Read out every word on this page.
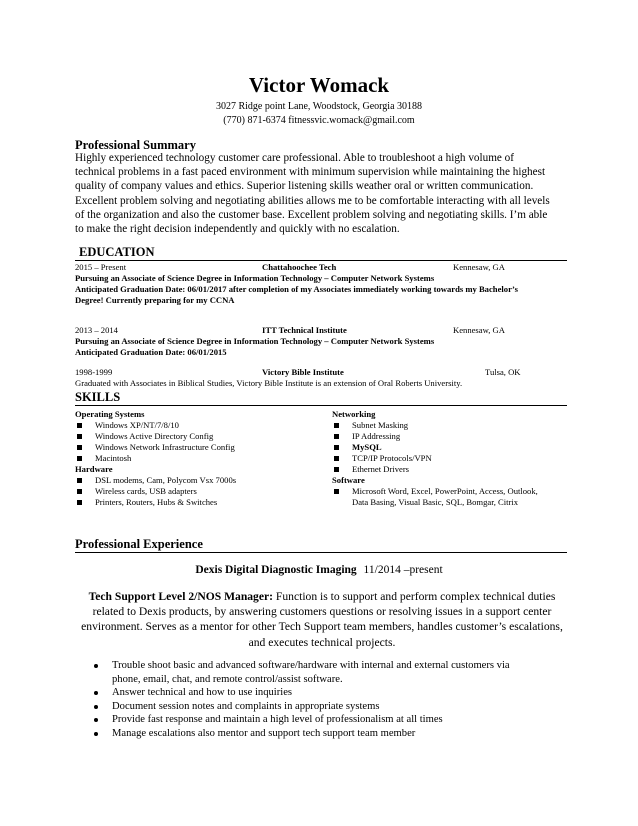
Victor Womack
3027 Ridge point Lane, Woodstock, Georgia 30188
(770) 871-6374 fitnessvic.womack@gmail.com
Professional Summary
Highly experienced technology customer care professional. Able to troubleshoot a high volume of
technical problems in a fast paced environment with minimum supervision while maintaining the highest
quality of company values and ethics. Superior listening skills weather oral or written communication.
Excellent problem solving and negotiating abilities allows me to be comfortable interacting with all levels
of the organization and also the customer base. Excellent problem solving and negotiating skills. I’m able
to make the right decision independently and quickly with no escalation.
EDUCATION
2015 – Present	Chattahoochee Tech	Kennesaw, GA
Pursuing an Associate of Science Degree in Information Technology – Computer Network Systems
Anticipated Graduation Date: 06/01/2017 after completion of my Associates immediately working towards my Bachelor’s
Degree! Currently preparing for my CCNA
2013 – 2014	ITT Technical Institute	Kennesaw, GA
Pursuing an Associate of Science Degree in Information Technology – Computer Network Systems
Anticipated Graduation Date: 06/01/2015
1998-1999	Victory Bible Institute	Tulsa, OK
Graduated with Associates in Biblical Studies, Victory Bible Institute is an extension of Oral Roberts University.
SKILLS
Operating Systems
Windows XP/NT/7/8/10
Windows Active Directory Config
Windows Network Infrastructure Config
Macintosh
Hardware
DSL modems, Cam, Polycom Vsx 7000s
Wireless cards, USB adapters
Printers, Routers, Hubs & Switches
Networking
Subnet Masking
IP Addressing
MySQL
TCP/IP Protocols/VPN
Ethernet Drivers
Software
Microsoft Word, Excel, PowerPoint, Access, Outlook,
Data Basing, Visual Basic, SQL, Bomgar, Citrix
Professional Experience
Dexis Digital Diagnostic Imaging 11/2014 –present
Tech Support Level 2/NOS Manager: Function is to support and perform complex technical duties
related to Dexis products, by answering customers questions or resolving issues in a support center
environment. Serves as a mentor for other Tech Support team members, handles customer’s escalations,
and executes technical projects.
Trouble shoot basic and advanced software/hardware with internal and external customers via
phone, email, chat, and remote control/assist software.
Answer technical and how to use inquiries
Document session notes and complaints in appropriate systems
Provide fast response and maintain a high level of professionalism at all times
Manage escalations also mentor and support tech support team member
